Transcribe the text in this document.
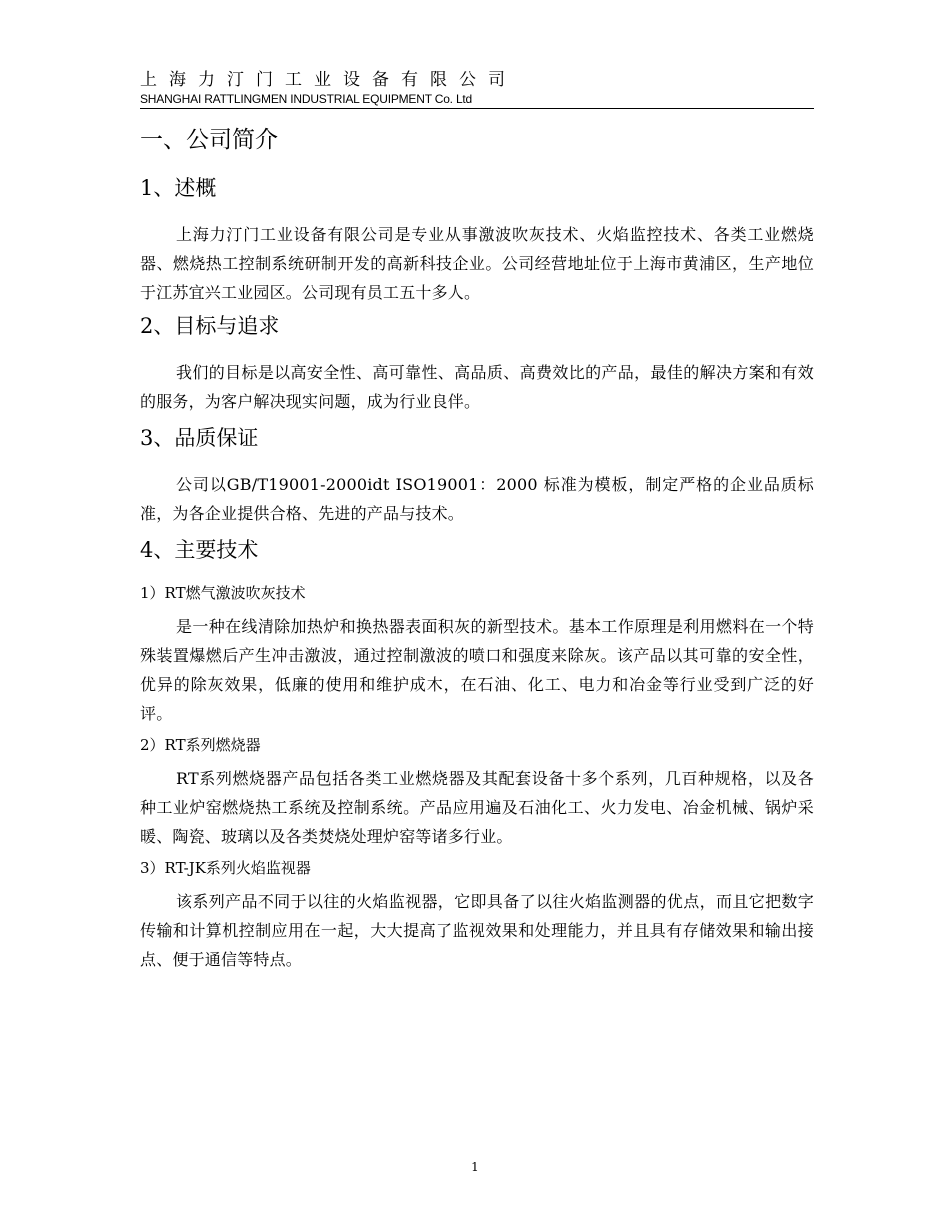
上海力汀门工业设备有限公司
SHANGHAI RATTLINGMEN INDUSTRIAL EQUIPMENT Co. Ltd
一、公司简介
1、述概

上海力汀门工业设备有限公司是专业从事激波吹灰技术、火焰监控技术、各类工业燃烧器、燃烧热工控制系统研制开发的高新科技企业。公司经营地址位于上海市黄浦区，生产地位于江苏宜兴工业园区。公司现有员工五十多人。

2、目标与追求

我们的目标是以高安全性、高可靠性、高品质、高费效比的产品，最佳的解决方案和有效的服务，为客户解决现实问题，成为行业良伴。

3、品质保证

公司以GB/T19001-2000idt ISO19001：2000 标准为模板，制定严格的企业品质标准，为各企业提供合格、先进的产品与技术。

4、主要技术
1）RT燃气激波吹灰技术

是一种在线清除加热炉和换热器表面积灰的新型技术。基本工作原理是利用燃料在一个特殊装置爆燃后产生冲击激波，通过控制激波的喷口和强度来除灰。该产品以其可靠的安全性，优异的除灰效果，低廉的使用和维护成木，在石油、化工、电力和冶金等行业受到广泛的好评。

2）RT系列燃烧器

RT系列燃烧器产品包括各类工业燃烧器及其配套设备十多个系列，几百种规格，以及各种工业炉窑燃烧热工系统及控制系统。产品应用遍及石油化工、火力发电、冶金机械、锅炉采暖、陶瓷、玻璃以及各类焚烧处理炉窑等诸多行业。

3）RT-JK系列火焰监视器

该系列产品不同于以往的火焰监视器，它即具备了以往火焰监测器的优点，而且它把数字传输和计算机控制应用在一起，大大提高了监视效果和处理能力，并且具有存储效果和输出接点、便于通信等特点。

1
